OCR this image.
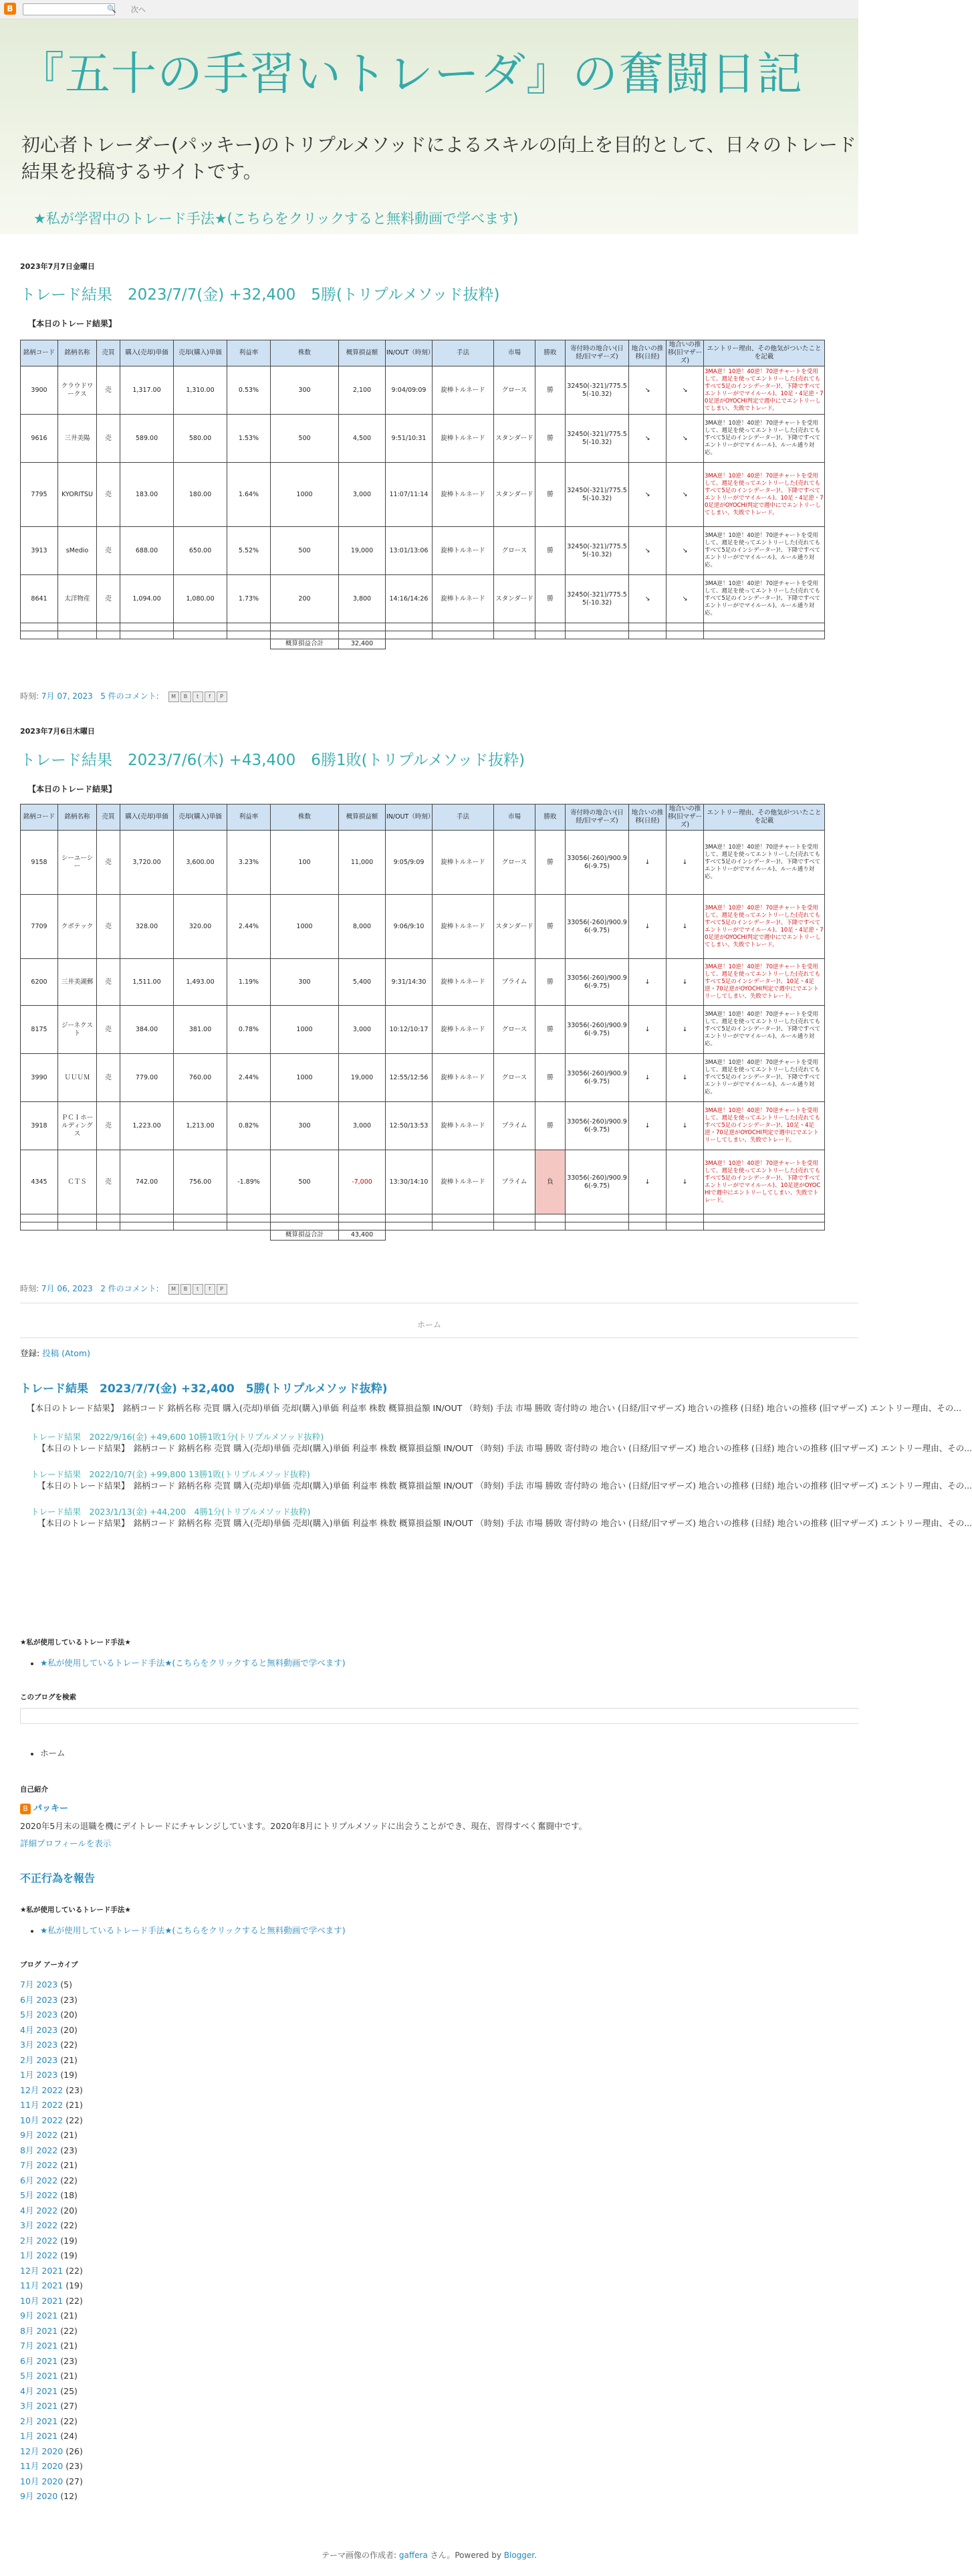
B	🔍 次へ
『五十の手習いトレーダ』の奮闘日記
初心者トレーダー(パッキー)のトリプルメソッドによるスキルの向上を目的として、日々のトレード結果を投稿するサイトです。
★私が学習中のトレード手法★(こちらをクリックすると無料動画で学べます)
2023年7月7日金曜日
トレード結果　2023/7/7(金) +32,400　5勝(トリプルメソッド抜粋)
【本日のトレード結果】
銘柄コード	銘柄名称	売買	購入(売却)単価	売却(購入)単価	利益率	株数	概算損益額	IN/OUT（時刻）	手法	市場	勝敗	寄付時の地合い(日経/旧マザーズ)	地合いの推移(日経)	地合いの推移(旧マザーズ)	エントリー理由、その他気がついたことを記載
3900	クラウドワークス	売	1,317.00	1,310.00	0.53%	300	2,100	9:04/09:09	旋棒トルネード	グロース	勝	32450(-321)/775.55(-10.32)	↘	↘	3MA逆！10逆！40逆！70逆チャートを受用して、週足を使ってエントリーした(売れてもすべて5足のインシデーター)!、下降ですべてエントリーがでマイルール)、10足・4足逆・70足逆がOYOCHI判定で週中にでエントリーしてしまい、失敗でトレード。
9616	三井美陽	売	589.00	580.00	1.53%	500	4,500	9:51/10:31	旋棒トルネード	スタンダード	勝	32450(-321)/775.55(-10.32)	↘	↘	3MA逆！10逆！40逆！70逆チャートを受用して、週足を使ってエントリーした(売れてもすべて5足のインシデーター)!、下降ですべてエントリーがでマイルール)、ルール通り対応。
7795	KYORITSU	売	183.00	180.00	1.64%	1000	3,000	11:07/11:14	旋棒トルネード	スタンダード	勝	32450(-321)/775.55(-10.32)	↘	↘	3MA逆！10逆！40逆！70逆チャートを受用して、週足を使ってエントリーした(売れてもすべて5足のインシデーター)!、下降ですべてエントリーがでマイルール)、10足・4足逆・70足逆がOYOCHI判定で週中にでエントリーしてしまい、失敗でトレード。
3913	sMedio	売	688.00	650.00	5.52%	500	19,000	13:01/13:06	旋棒トルネード	グロース	勝	32450(-321)/775.55(-10.32)	↘	↘	3MA逆！10逆！40逆！70逆チャートを受用して、週足を使ってエントリーした(売れてもすべて5足のインシデーター)!、下降ですべてエントリーがでマイルール)、ルール通り対応。
8641	太洋物産	売	1,094.00	1,080.00	1.73%	200	3,800	14:16/14:26	旋棒トルネード	スタンダード	勝	32450(-321)/775.55(-10.32)	↘	↘	3MA逆！10逆！40逆！70逆チャートを受用して、週足を使ってエントリーした(売れてもすべて5足のインシデーター)!、下降ですべてエントリーがでマイルール)、ルール通り対応。

						概算損益合計	32,400								
時刻: 7月 07, 2023 5 件のコメント: M B t f P
2023年7月6日木曜日
トレード結果　2023/7/6(木) +43,400　6勝1敗(トリプルメソッド抜粋)
【本日のトレード結果】
銘柄コード	銘柄名称	売買	購入(売却)単価	売却(購入)単価	利益率	株数	概算損益額	IN/OUT（時刻）	手法	市場	勝敗	寄付時の地合い(日経/旧マザーズ)	地合いの推移(日経)	地合いの推移(旧マザーズ)	エントリー理由、その他気がついたことを記載
9158	シーユーシー	売	3,720.00	3,600.00	3.23%	100	11,000	9:05/9:09	旋棒トルネード	グロース	勝	33056(-260)/900.96(-9.75)	↓	↓	3MA逆！10逆！40逆！70逆チャートを受用して、週足を使ってエントリーした(売れてもすべて5足のインシデーター)!、下降ですべてエントリーがでマイルール)、ルール通り対応。
7709	クボテック	売	328.00	320.00	2.44%	1000	8,000	9:06/9:10	旋棒トルネード	スタンダード	勝	33056(-260)/900.96(-9.75)	↓	↓	3MA逆！10逆！40逆！70逆チャートを受用して、週足を使ってエントリーした(売れてもすべて5足のインシデーター)!、下降ですべてエントリーがでマイルール)、10足・4足逆・70足逆がOYOCHI判定で週中にでエントリーしてしまい、失敗でトレード。
6200	三井美湖郵	売	1,511.00	1,493.00	1.19%	300	5,400	9:31/14:30	旋棒トルネード	プライム	勝	33056(-260)/900.96(-9.75)	↓	↓	3MA逆！10逆！40逆！70逆チャートを受用して、週足を使ってエントリーした(売れてもすべて5足のインシデーター)!、10足・4足逆・70足逆がOYOCHI判定で週中にでエントリーしてしまい、失敗でトレード。
8175	ジーネクスト	売	384.00	381.00	0.78%	1000	3,000	10:12/10:17	旋棒トルネード	グロース	勝	33056(-260)/900.96(-9.75)	↓	↓	3MA逆！10逆！40逆！70逆チャートを受用して、週足を使ってエントリーした(売れてもすべて5足のインシデーター)!、下降ですべてエントリーがでマイルール)、ルール通り対応。
3990	ＵＵＵＭ	売	779.00	760.00	2.44%	1000	19,000	12:55/12:56	旋棒トルネード	グロース	勝	33056(-260)/900.96(-9.75)	↓	↓	3MA逆！10逆！40逆！70逆チャートを受用して、週足を使ってエントリーした(売れてもすべて5足のインシデーター)!、下降ですべてエントリーがでマイルール)、ルール通り対応。
3918	ＰＣＩホールディングス	売	1,223.00	1,213.00	0.82%	300	3,000	12:50/13:53	旋棒トルネード	プライム	勝	33056(-260)/900.96(-9.75)	↓	↓	3MA逆！10逆！40逆！70逆チャートを受用して、週足を使ってエントリーした(売れてもすべて5足のインシデーター)!、10足・4足逆・70足逆がOYOCHI判定で週中にでエントリーしてしまい、失敗でトレード。
4345	ＣＴＳ	売	742.00	756.00	-1.89%	500	-7,000	13:30/14:10	旋棒トルネード	プライム	負	33056(-260)/900.96(-9.75)	↓	↓	3MA逆！10逆！40逆！70逆チャートを受用して、週足を使ってエントリーした(売れてもすべて5足のインシデーター)!、下降ですべてエントリーがでマイルール)、10足逆がOYOCHIで週中にエントリーしてしまい、失敗でトレード。

						概算損益合計	43,400								
時刻: 7月 06, 2023 2 件のコメント: M B t f P
ホーム
登録: 投稿 (Atom)
トレード結果　2023/7/7(金) +32,400　5勝(トリプルメソッド抜粋)
【本日のトレード結果】　銘柄コード 銘柄名称 売買 購入(売却)単価 売却(購入)単価 利益率 株数 概算損益額 IN/OUT （時刻) 手法 市場 勝敗 寄付時の 地合い (日経/旧マザーズ) 地合いの推移 (日経) 地合いの推移 (旧マザーズ) エントリー理由、その...
トレード結果　2022/9/16(金) +49,600 10勝1敗1分(トリプルメソッド抜粋)
【本日のトレード結果】　銘柄コード 銘柄名称 売買 購入(売却)単価 売却(購入)単価 利益率 株数 概算損益額 IN/OUT （時刻) 手法 市場 勝敗 寄付時の 地合い (日経/旧マザーズ) 地合いの推移 (日経) 地合いの推移 (旧マザーズ) エントリー理由、その...
トレード結果　2022/10/7(金) +99,800 13勝1敗(トリプルメソッド抜粋)
【本日のトレード結果】　銘柄コード 銘柄名称 売買 購入(売却)単価 売却(購入)単価 利益率 株数 概算損益額 IN/OUT （時刻) 手法 市場 勝敗 寄付時の 地合い (日経/旧マザーズ) 地合いの推移 (日経) 地合いの推移 (旧マザーズ) エントリー理由、その...
トレード結果　2023/1/13(金) +44,200　4勝1分(トリプルメソッド抜粋)
【本日のトレード結果】　銘柄コード 銘柄名称 売買 購入(売却)単価 売却(購入)単価 利益率 株数 概算損益額 IN/OUT （時刻) 手法 市場 勝敗 寄付時の 地合い (日経/旧マザーズ) 地合いの推移 (日経) 地合いの推移 (旧マザーズ) エントリー理由、その...
★私が使用しているトレード手法★
★私が使用しているトレード手法★(こちらをクリックすると無料動画で学べます)
このブログを検索
ホーム
自己紹介
B パッキー
2020年5月末の退職を機にデイトレードにチャレンジしています。2020年8月にトリプルメソッドに出会うことができ、現在、習得すべく奮闘中です。
詳細プロフィールを表示
不正行為を報告
★私が使用しているトレード手法★
★私が使用しているトレード手法★(こちらをクリックすると無料動画で学べます)
ブログ アーカイブ
7月 2023 (5)
6月 2023 (23)
5月 2023 (20)
4月 2023 (20)
3月 2023 (22)
2月 2023 (21)
1月 2023 (19)
12月 2022 (23)
11月 2022 (21)
10月 2022 (22)
9月 2022 (21)
8月 2022 (23)
7月 2022 (21)
6月 2022 (22)
5月 2022 (18)
4月 2022 (20)
3月 2022 (22)
2月 2022 (19)
1月 2022 (19)
12月 2021 (22)
11月 2021 (19)
10月 2021 (22)
9月 2021 (21)
8月 2021 (22)
7月 2021 (21)
6月 2021 (23)
5月 2021 (21)
4月 2021 (25)
3月 2021 (27)
2月 2021 (22)
1月 2021 (24)
12月 2020 (26)
11月 2020 (23)
10月 2020 (27)
9月 2020 (12)
テーマ画像の作成者: gaffera さん。Powered by Blogger.
